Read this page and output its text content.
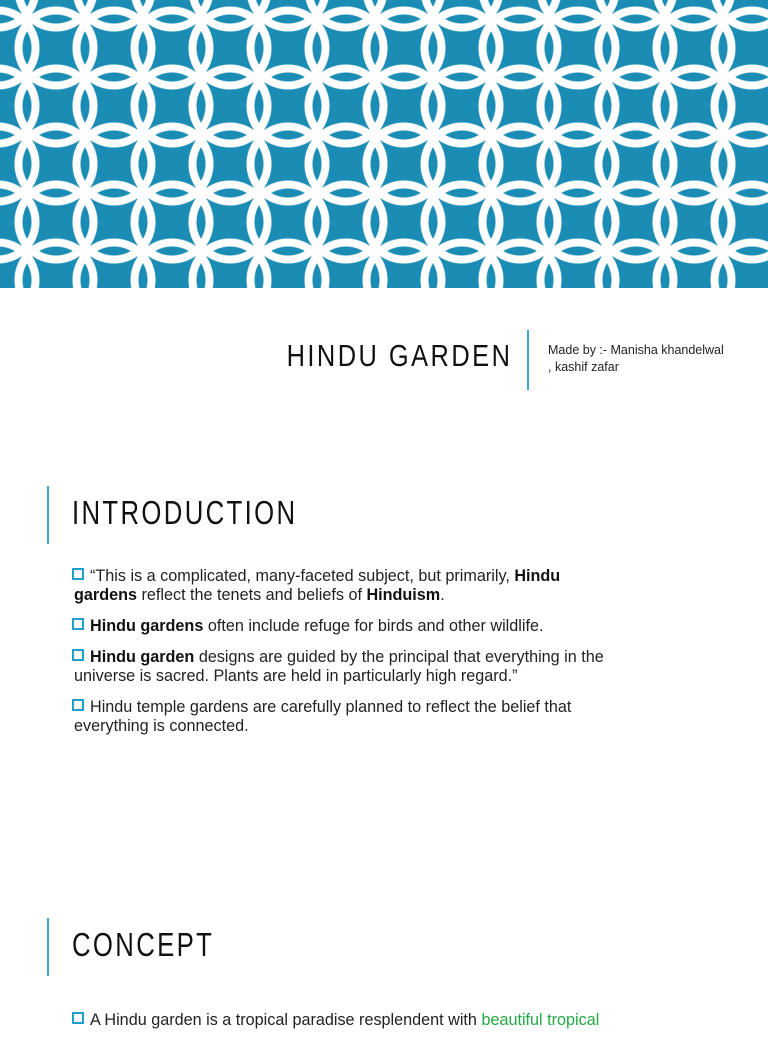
HINDU GARDEN	Made by :- Manisha khandelwal
, kashif zafar
INTRODUCTION
“This is a complicated, many-faceted subject, but primarily, Hindu
gardens reflect the tenets and beliefs of Hinduism.
Hindu gardens often include refuge for birds and other wildlife.
Hindu garden designs are guided by the principal that everything in the
universe is sacred. Plants are held in particularly high regard.”
Hindu temple gardens are carefully planned to reflect the belief that
everything is connected.
CONCEPT
A Hindu garden is a tropical paradise resplendent with beautiful tropical
